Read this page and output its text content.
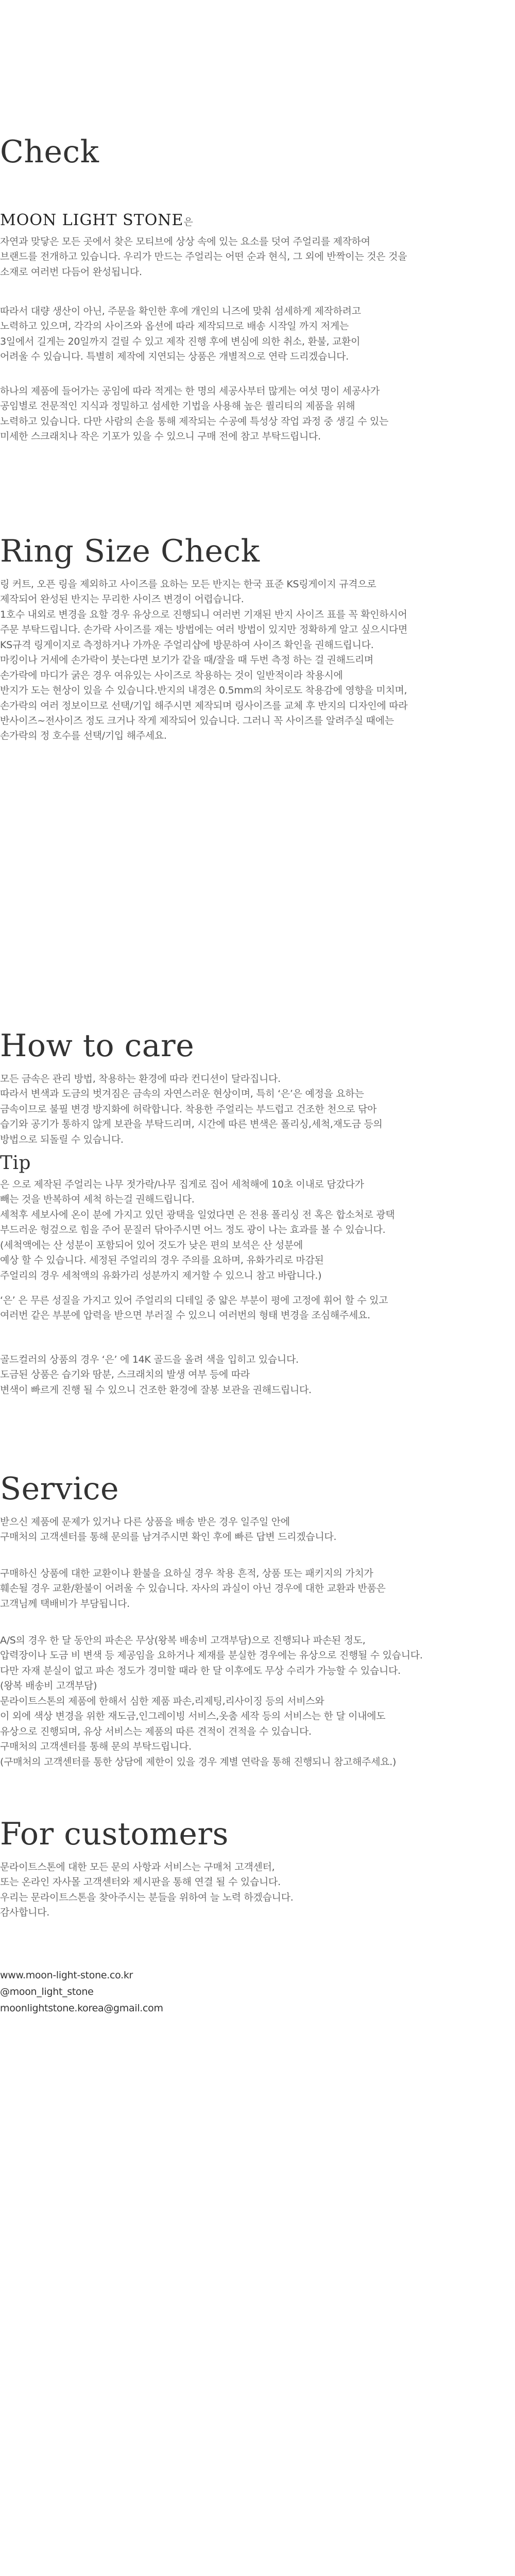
Check
MOON LIGHT STONE은

자연과 맞닿은 모든 곳에서 찾은 모티브에 상상 속에 있는 요소를 덧여 주얼리를 제작하여
브랜드를 전개하고 있습니다. 우리가 만드는 주얼리는 어떤 순과 현식, 그 외에 반짝이는 것은 것을
소재로 여러번 다듬어 완성됩니다.

따라서 대량 생산이 아닌, 주문을 확인한 후에 개인의 니즈에 맞춰 섬세하게 제작하려고
노력하고 있으며, 각각의 사이즈와 옵션에 따라 제작되므로 배송 시작일 까지 저게는
3일에서 길게는 20일까지 걸릴 수 있고 제작 진행 후에 변심에 의한 취소, 환불, 교환이
어려울 수 있습니다. 특별히 제작에 지연되는 상품은 개별적으로 연락 드리겠습니다.

하나의 제품에 들어가는 공임에 따라 적게는 한 명의 세공사부터 많게는 여섯 명이 세공사가
공임별로 전문적인 지식과 정밀하고 섬세한 기법을 사용해 높은 퀄리티의 제품을 위해
노력하고 있습니다. 다만 사람의 손을 통해 제작되는 수공예 특성상 작업 과정 중 생길 수 있는
미세한 스크래치나 작은 기포가 있을 수 있으니 구매 전에 참고 부탁드립니다.

Ring Size Check

링 커트, 오픈 링을 제외하고 사이즈를 요하는 모든 반지는 한국 표준 KS링게이지 규격으로
제작되어 완성된 반지는 무리한 사이즈 변경이 어렵습니다.
1호수 내외로 변경을 요할 경우 유상으로 진행되니 여러번 기재된 반지 사이즈 표를 꼭 확인하시어
주문 부탁드립니다. 손가락 사이즈를 재는 방법에는 여러 방법이 있지만 정확하게 알고 싶으시다면
KS규격 링게이지로 측정하거나 가까운 주얼리샵에 방문하여 사이즈 확인을 권해드립니다.
마킹이나 거세에 손가락이 붓는다면 보기가 같을 때/잘을 때 두번 측정 하는 걸 권해드리며
손가락에 마디가 굵은 경우 여유있는 사이즈로 착용하는 것이 일반적이라 착용시에
반지가 도는 현상이 있을 수 있습니다.반지의 내경은 0.5mm의 차이로도 착용감에 영향을 미치며,
손가락의 여러 정보이므로 선택/기입 해주시면 제작되며 링사이즈를 교체 후 반지의 디자인에 따라
반사이즈~전사이즈 정도 크거나 작게 제작되어 있습니다. 그러니 꼭 사이즈를 알려주실 때에는
손가락의 정 호수를 선택/기입 해주세요.

How to care

모든 금속은 관리 방법, 착용하는 환경에 따라 컨디션이 달라집니다.
따라서 변색과 도금의 벗겨짐은 금속의 자연스러운 현상이며, 특히 ‘은’은 예정을 요하는
금속이므로 불필 변경 방지화에 허락합니다. 착용한 주얼리는 부드럽고 건조한 천으로 닦아
습기와 공기가 통하지 않게 보관을 부탁드리며, 시간에 따른 변색은 폴리싱,세척,재도금 등의
방법으로 되돌릴 수 있습니다.

Tip

은 으로 제작된 주얼리는 나무 젓가락/나무 집게로 집어 세척해에 10초 이내로 담갔다가
빼는 것을 반복하여 세척 하는걸 권해드립니다.
세척후 세보사에 온이 분에 가지고 있던 광택을 일었다면 은 전용 폴리싱 전 혹은 합소처로 광택
부드러운 헝겊으로 힘을 주어 문질러 닦아주시면 어느 정도 광이 나는 효과를 볼 수 있습니다.
(세척액에는 산 성분이 포함되어 있어 것도가 낮은 편의 보석은 산 성분에
예상 할 수 있습니다. 세정된 주얼리의 경우 주의를 요하며, 유화가리로 마감된
주얼리의 경우 세척액의 유화가리 성분까지 제거할 수 있으니 참고 바랍니다.)

‘은’ 은 무른 성질을 가지고 있어 주얼리의 디테일 중 얇은 부분이 평에 고정에 휘어 할 수 있고
여러번 같은 부분에 압력을 받으면 부러질 수 있으니 여러번의 형태 변경을 조심해주세요.

골드컬러의 상품의 경우 ‘은’ 에 14K 골드을 올려 색을 입히고 있습니다.
도금된 상품은 습기와 땀분, 스크래치의 발생 여부 등에 따라
변색이 빠르게 진행 될 수 있으니 건조한 환경에 잘봉 보관을 권해드립니다.

Service

받으신 제품에 문제가 있거나 다른 상품을 배송 받은 경우 일주일 안에
구매처의 고객센터를 통해 문의를 남겨주시면 확인 후에 빠른 답변 드리겠습니다.

구매하신 상품에 대한 교환이나 환불을 요하실 경우 착용 흔적, 상품 또는 패키지의 가치가
훼손될 경우 교환/환불이 어려울 수 있습니다. 자사의 과실이 아닌 경우에 대한 교환과 반품은
고객님께 택배비가 부담됩니다.

A/S의 경우 한 달 동안의 파손은 무상(왕복 배송비 고객부담)으로 진행되나 파손된 정도,
압력장이나 도금 비 변색 등 제공임을 요하거나 제재를 분실한 경우에는 유상으로 진행될 수 있습니다.
다만 자재 분실이 없고 파손 정도가 경미할 때라 한 달 이후에도 무상 수리가 가능할 수 있습니다.
(왕복 배송비 고객부담)
문라이트스톤의 제품에 한해서 심한 제품 파손,리제팅,리사이징 등의 서비스와
이 외에 색상 변경을 위한 재도금,인그레이빙 서비스,옷춤 세작 등의 서비스는 한 달 이내에도
유상으로 진행되며, 유상 서비스는 제품의 따른 견적이 견적을 수 있습니다.
구매처의 고객센터를 통해 문의 부탁드립니다.
(구매처의 고객센터를 통한 상담에 제한이 있을 경우 계별 연락을 통해 진행되니 참고해주세요.)

For customers

문라이트스톤에 대한 모든 문의 사항과 서비스는 구매처 고객센터,
또는 온라인 자사몰 고객센터와 제시판을 통해 연결 될 수 있습니다.
우리는 문라이트스톤을 찾아주시는 분들을 위하여 늘 노력 하겠습니다.
감사합니다.

www.moon-light-stone.co.kr

@moon_light_stone

moonlightstone.korea@gmail.com
